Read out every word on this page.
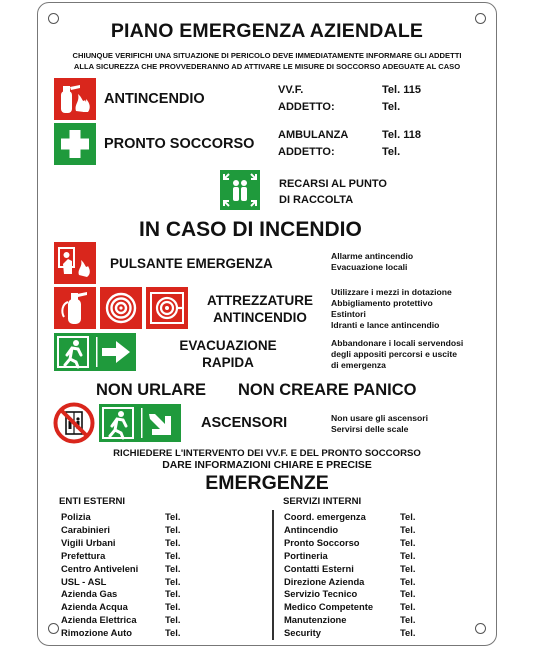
PIANO EMERGENZA AZIENDALE
CHIUNQUE VERIFICHI UNA SITUAZIONE DI PERICOLO DEVE IMMEDIATAMENTE INFORMARE GLI ADDETTI
ALLA SICUREZZA CHE PROVVEDERANNO AD ATTIVARE LE MISURE DI SOCCORSO ADEGUATE AL CASO
ANTINCENDIO
VV.F.	Tel. 115
ADDETTO:	Tel.
PRONTO SOCCORSO
AMBULANZA	Tel. 118
ADDETTO:	Tel.
RECARSI AL PUNTO
DI RACCOLTA
IN CASO DI INCENDIO
PULSANTE EMERGENZA	Allarme antincendio
Evacuazione locali
ATTREZZATURE
ANTINCENDIO
Utilizzare i mezzi in dotazione
Abbigliamento protettivo
Estintori
Idranti e lance antincendio
EVACUAZIONE
RAPIDA
Abbandonare i locali servendosi
degli appositi percorsi e uscite
di emergenza
NON URLARE NON CREARE PANICO
ASCENSORI	Non usare gli ascensori
Servirsi delle scale
RICHIEDERE L'INTERVENTO DEI VV.F. E DEL PRONTO SOCCORSO
DARE INFORMAZIONI CHIARE E PRECISE
EMERGENZE
ENTI ESTERNI	SERVIZI INTERNI
Polizia	Tel.
Carabinieri	Tel.
Vigili Urbani	Tel.
Prefettura	Tel.
Centro Antiveleni	Tel.
USL - ASL	Tel.
Azienda Gas	Tel.
Azienda Acqua	Tel.
Azienda Elettrica	Tel.
Rimozione Auto	Tel.
Coord. emergenza	Tel.
Antincendio	Tel.
Pronto Soccorso	Tel.
Portineria	Tel.
Contatti Esterni	Tel.
Direzione Azienda	Tel.
Servizio Tecnico	Tel.
Medico Competente	Tel.
Manutenzione	Tel.
Security	Tel.
